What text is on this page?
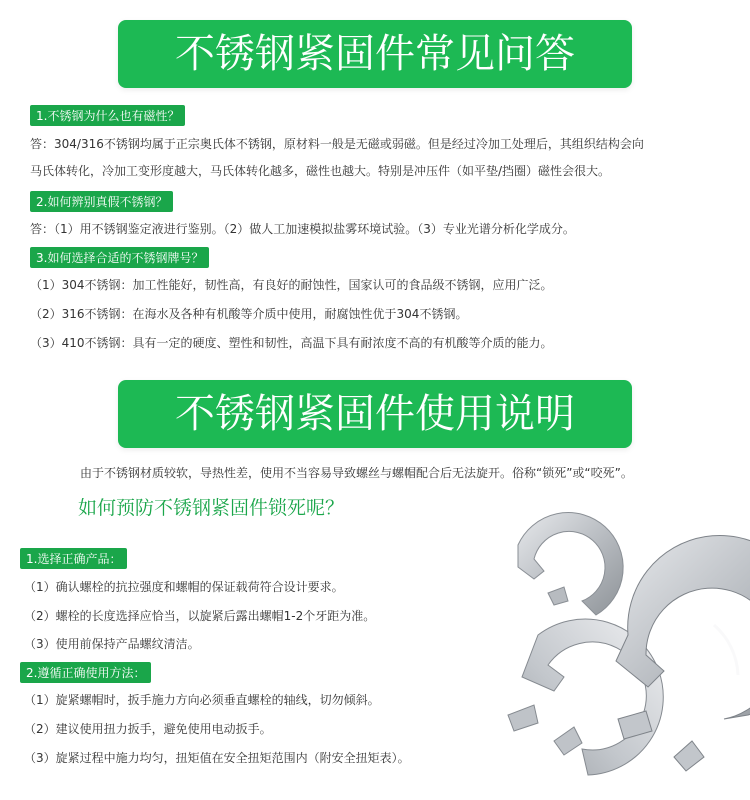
不锈钢紧固件常见问答
1.不锈钢为什么也有磁性？
答：304/316不锈钢均属于正宗奥氏体不锈钢，原材料一般是无磁或弱磁。但是经过冷加工处理后，其组织结构会向
马氏体转化，冷加工变形度越大，马氏体转化越多，磁性也越大。特别是冲压件（如平垫/挡圈）磁性会很大。
2.如何辨别真假不锈钢？
答：（1）用不锈钢鉴定液进行鉴别。（2）做人工加速模拟盐雾环境试验。（3）专业光谱分析化学成分。
3.如何选择合适的不锈钢牌号？
（1）304不锈钢：加工性能好，韧性高，有良好的耐蚀性，国家认可的食品级不锈钢，应用广泛。
（2）316不锈钢：在海水及各种有机酸等介质中使用，耐腐蚀性优于304不锈钢。
（3）410不锈钢：具有一定的硬度、塑性和韧性，高温下具有耐浓度不高的有机酸等介质的能力。
不锈钢紧固件使用说明
由于不锈钢材质较软，导热性差，使用不当容易导致螺丝与螺帽配合后无法旋开。俗称“锁死”或“咬死”。
如何预防不锈钢紧固件锁死呢？
1.选择正确产品：
（1）确认螺栓的抗拉强度和螺帽的保证载荷符合设计要求。
（2）螺栓的长度选择应恰当，以旋紧后露出螺帽1-2个牙距为准。
（3）使用前保持产品螺纹清洁。
2.遵循正确使用方法：
（1）旋紧螺帽时，扳手施力方向必须垂直螺栓的轴线，切勿倾斜。
（2）建议使用扭力扳手，避免使用电动扳手。
（3）旋紧过程中施力均匀，扭矩值在安全扭矩范围内（附安全扭矩表）。
